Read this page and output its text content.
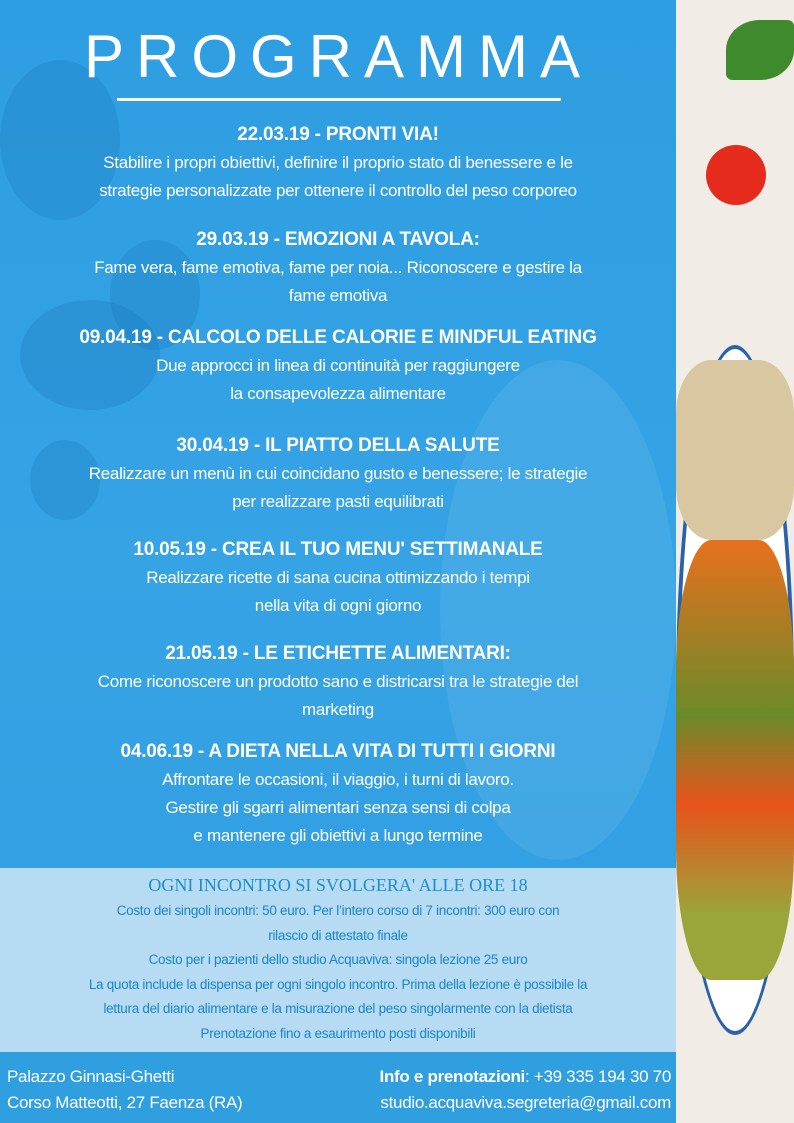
PROGRAMMA
22.03.19 - PRONTI VIA!
Stabilire i propri obiettivi, definire il proprio stato di benessere e le
strategie personalizzate per ottenere il controllo del peso corporeo
29.03.19 - EMOZIONI A TAVOLA:
Fame vera, fame emotiva, fame per noia... Riconoscere e gestire la
fame emotiva
09.04.19 - CALCOLO DELLE CALORIE E MINDFUL EATING
Due approcci in linea di continuità per raggiungere
la consapevolezza alimentare
30.04.19 - IL PIATTO DELLA SALUTE
Realizzare un menù in cui coincidano gusto e benessere; le strategie
per realizzare pasti equilibrati
10.05.19 - CREA IL TUO MENU' SETTIMANALE
Realizzare ricette di sana cucina ottimizzando i tempi
nella vita di ogni giorno
21.05.19 - LE ETICHETTE ALIMENTARI:
Come riconoscere un prodotto sano e districarsi tra le strategie del
marketing
04.06.19 - A DIETA NELLA VITA DI TUTTI I GIORNI
Affrontare le occasioni, il viaggio, i turni di lavoro.
Gestire gli sgarri alimentari senza sensi di colpa
e mantenere gli obiettivi a lungo termine
OGNI INCONTRO SI SVOLGERA' ALLE ORE 18
Costo dei singoli incontri: 50 euro. Per l’intero corso di 7 incontri: 300 euro con
rilascio di attestato finale
Costo per i pazienti dello studio Acquaviva: singola lezione 25 euro
La quota include la dispensa per ogni singolo incontro. Prima della lezione è possibile la
lettura del diario alimentare e la misurazione del peso singolarmente con la dietista
Prenotazione fino a esaurimento posti disponibili
Palazzo Ginnasi-Ghetti
Corso Matteotti, 27 Faenza (RA)
Info e prenotazioni: +39 335 194 30 70
studio.acquaviva.segreteria@gmail.com
